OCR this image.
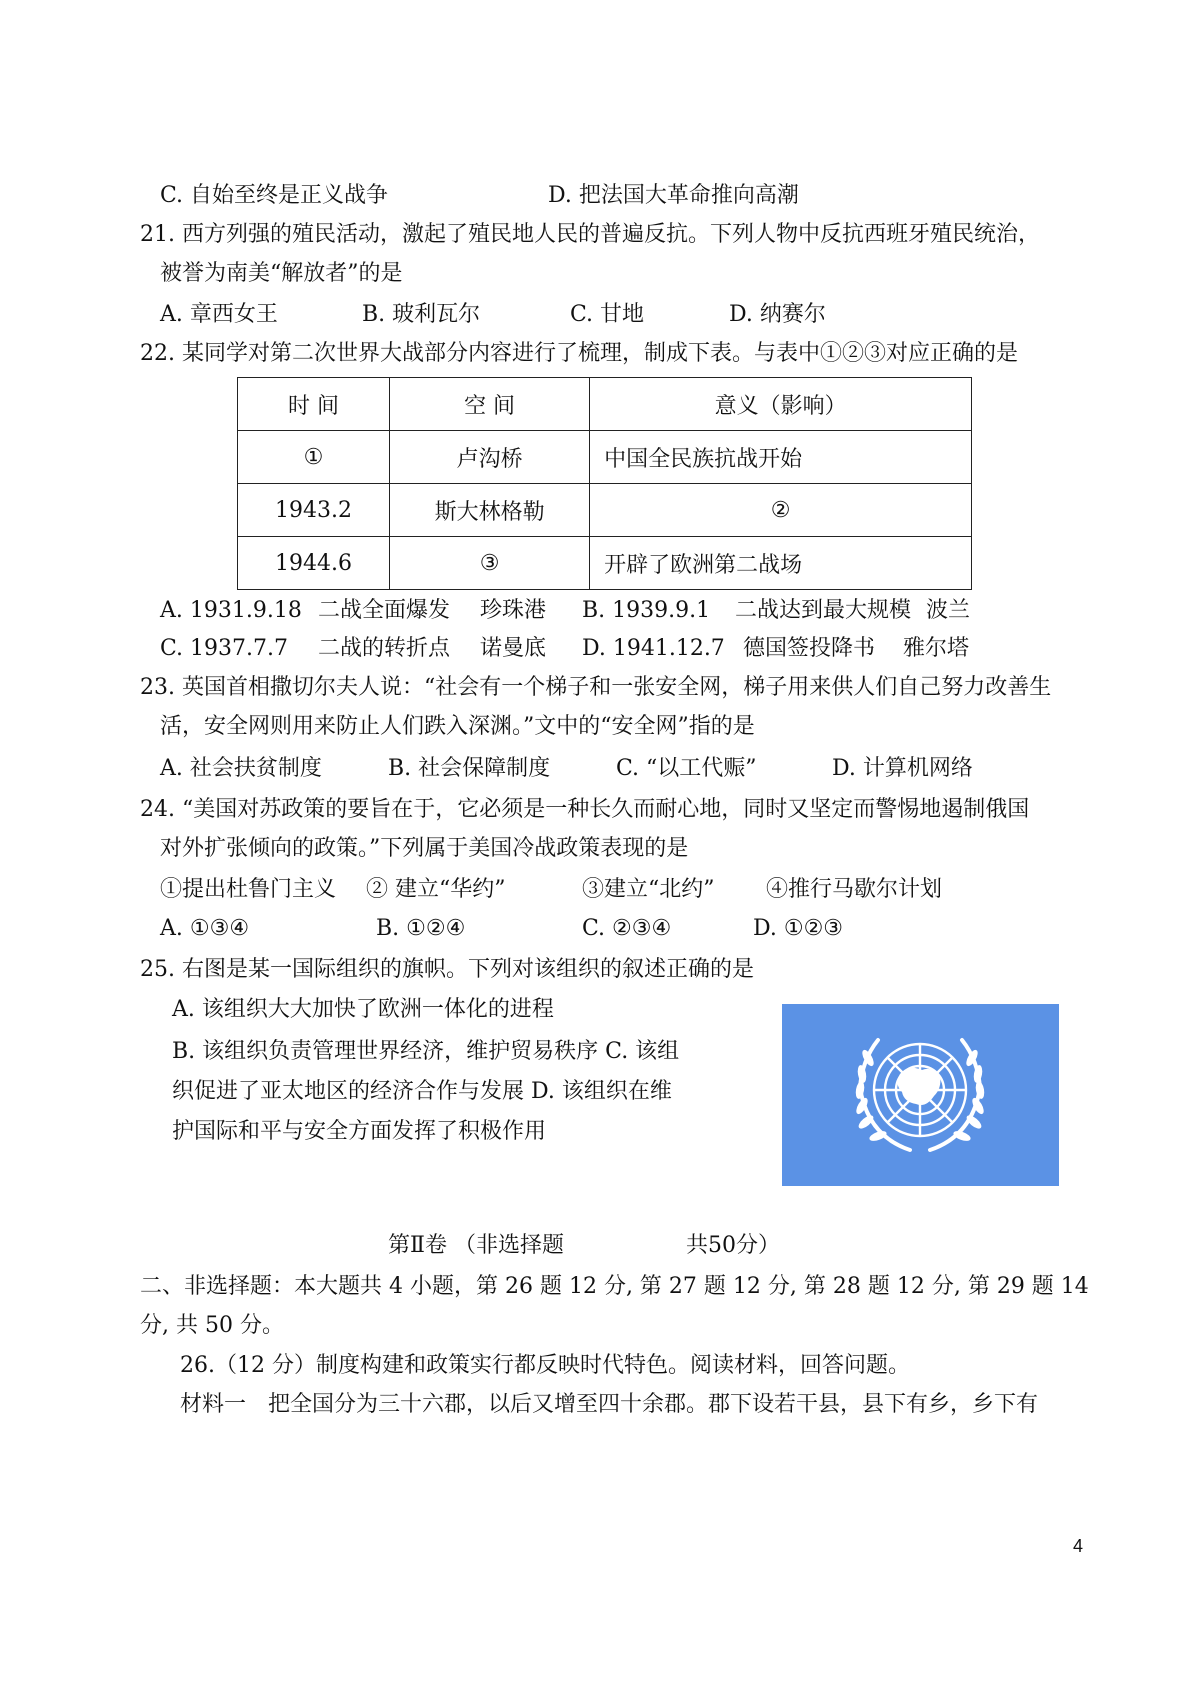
C. 自始至终是正义战争	D. 把法国大革命推向高潮
21. 西方列强的殖民活动，激起了殖民地人民的普遍反抗。下列人物中反抗西班牙殖民统治，
被誉为南美“解放者”的是
A. 章西女王	B. 玻利瓦尔	C. 甘地	D. 纳赛尔
22. 某同学对第二次世界大战部分内容进行了梳理，制成下表。与表中①②③对应正确的是
时 间	空 间	意义（影响）
①	卢沟桥	中国全民族抗战开始
1943.2	斯大林格勒	②
1944.6	③	开辟了欧洲第二战场
A. 1931.9.18 二战全面爆发 珍珠港 B. 1939.9.1 二战达到最大规模 波兰
C. 1937.7.7 二战的转折点 诺曼底 D. 1941.12.7 德国签投降书 雅尔塔
23. 英国首相撒切尔夫人说：“社会有一个梯子和一张安全网，梯子用来供人们自己努力改善生
活，安全网则用来防止人们跌入深渊。”文中的“安全网”指的是
A. 社会扶贫制度	B. 社会保障制度	C. “以工代赈”	D. 计算机网络
24. “美国对苏政策的要旨在于，它必须是一种长久而耐心地，同时又坚定而警惕地遏制俄国
对外扩张倾向的政策。”下列属于美国冷战政策表现的是
①提出杜鲁门主义 ② 建立“华约”	③建立“北约” ④推行马歇尔计划
A. ①③④	B. ①②④	C. ②③④	D. ①②③
25. 右图是某一国际组织的旗帜。下列对该组织的叙述正确的是
A. 该组织大大加快了欧洲一体化的进程
B. 该组织负责管理世界经济，维护贸易秩序 C. 该组
织促进了亚太地区的经济合作与发展 D. 该组织在维
护国际和平与安全方面发挥了积极作用
第Ⅱ卷 （非选择题	共50分）
二、非选择题：本大题共 4 小题，第 26 题 12 分, 第 27 题 12 分, 第 28 题 12 分, 第 29 题 14
分, 共 50 分。
26.（12 分）制度构建和政策实行都反映时代特色。阅读材料，回答问题。
材料一　把全国分为三十六郡，以后又增至四十余郡。郡下设若干县，县下有乡，乡下有
4
